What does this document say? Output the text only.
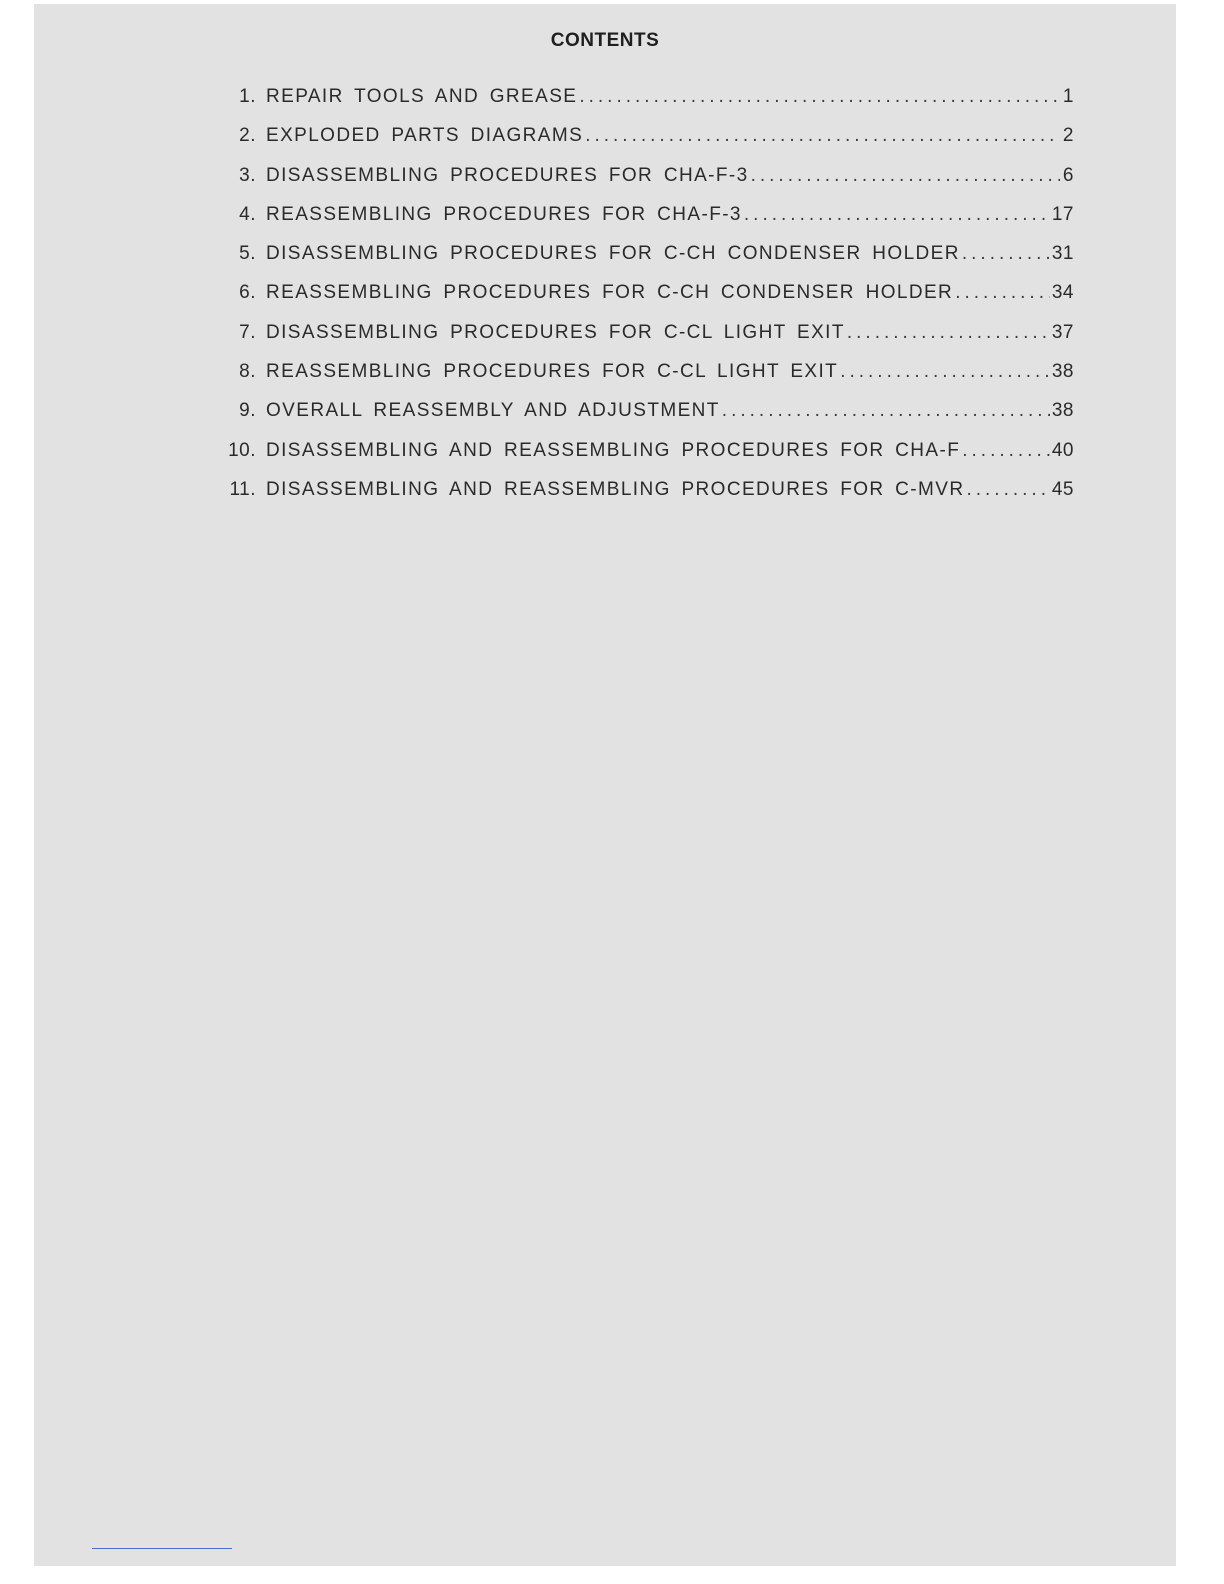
CONTENTS
1. REPAIR TOOLS AND GREASE .....	1
2. EXPLODED PARTS DIAGRAMS .....	2
3. DISASSEMBLING PROCEDURES FOR CHA-F-3 .....	6
4. REASSEMBLING PROCEDURES FOR CHA-F-3 .....	17
5. DISASSEMBLING PROCEDURES FOR C-CH CONDENSER HOLDER .....	31
6. REASSEMBLING PROCEDURES FOR C-CH CONDENSER HOLDER .....	34
7. DISASSEMBLING PROCEDURES FOR C-CL LIGHT EXIT .....	37
8. REASSEMBLING PROCEDURES FOR C-CL LIGHT EXIT .....	38
9. OVERALL REASSEMBLY AND ADJUSTMENT .....	38
10. DISASSEMBLING AND REASSEMBLING PROCEDURES FOR CHA-F .....	40
11. DISASSEMBLING AND REASSEMBLING PROCEDURES FOR C-MVR .....	45
